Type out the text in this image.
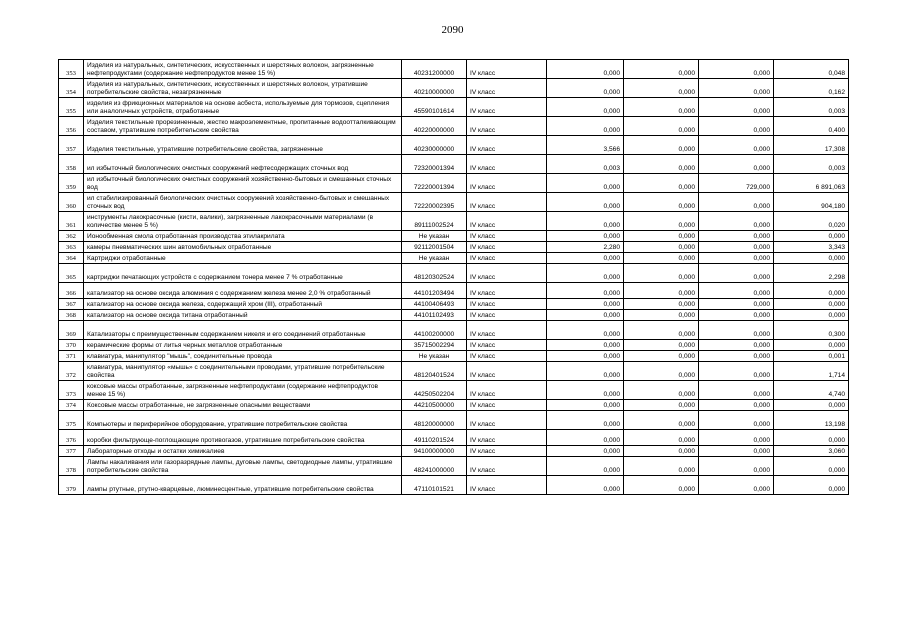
2090
353	Изделия из натуральных, синтетических, искусственных и шерстяных волокон, загрязненные нефтепродуктами (содержание нефтепродуктов менее 15 %)	40231200000	IV класс	0,000	0,000	0,000	0,048
354	Изделия из натуральных, синтетических, искусственных и шерстяных волокон, утратившие потребительские свойства, незагрязненные	40210000000	IV класс	0,000	0,000	0,000	0,162
355	изделия из фрикционных материалов на основе асбеста, используемые для тормозов, сцепления или аналогичных устройств, отработанные	45590101614	IV класс	0,000	0,000	0,000	0,003
356	Изделия текстильные прорезиненные, жестко макроэлементные, пропитанные водоотталкивающим составом, утратившие потребительские свойства	40220000000	IV класс	0,000	0,000	0,000	0,400
357	Изделия текстильные, утратившие потребительские свойства, загрязненные	40230000000	IV класс	3,566	0,000	0,000	17,308
358	ил избыточный биологических очистных сооружений нефтесодержащих сточных вод	72320001394	IV класс	0,003	0,000	0,000	0,003
359	ил избыточный биологических очистных сооружений хозяйственно-бытовых и смешанных сточных вод	72220001394	IV класс	0,000	0,000	729,000	6 891,063
360	ил стабилизированный биологических очистных сооружений хозяйственно-бытовых и смешанных сточных вод	72220002395	IV класс	0,000	0,000	0,000	904,180
361	инструменты лакокрасочные (кисти, валики), загрязненные лакокрасочными материалами (в количестве менее 5 %)	89111002524	IV класс	0,000	0,000	0,000	0,020
362	Ионообменная смола отработанная производства этилакрилата	Не указан	IV класс	0,000	0,000	0,000	0,000
363	камеры пневматических шин автомобильных отработанные	92112001504	IV класс	2,280	0,000	0,000	3,343
364	Картриджи отработанные	Не указан	IV класс	0,000	0,000	0,000	0,000
365	картриджи печатающих устройств с содержанием тонера менее 7 % отработанные	48120302524	IV класс	0,000	0,000	0,000	2,298
366	катализатор на основе оксида алюминия с содержанием железа менее 2,0 % отработанный	44101203494	IV класс	0,000	0,000	0,000	0,000
367	катализатор на основе оксида железа, содержащий хром (III), отработанный	44100406493	IV класс	0,000	0,000	0,000	0,000
368	катализатор на основе оксида титана отработанный	44101102493	IV класс	0,000	0,000	0,000	0,000
369	Катализаторы с преимущественным содержанием никеля и его соединений отработанные	44100200000	IV класс	0,000	0,000	0,000	0,300
370	керамические формы от литья черных металлов отработанные	35715002294	IV класс	0,000	0,000	0,000	0,000
371	клавиатура, манипулятор "мышь", соединительные провода	Не указан	IV класс	0,000	0,000	0,000	0,001
372	клавиатура, манипулятор «мышь» с соединительными проводами, утратившие потребительские свойства	48120401524	IV класс	0,000	0,000	0,000	1,714
373	коксовые массы отработанные, загрязненные нефтепродуктами (содержание нефтепродуктов менее 15 %)	44250502204	IV класс	0,000	0,000	0,000	4,740
374	Коксовые массы отработанные, не загрязненные опасными веществами	44210500000	IV класс	0,000	0,000	0,000	0,000
375	Компьютеры и периферийное оборудование, утратившие потребительские свойства	48120000000	IV класс	0,000	0,000	0,000	13,198
376	коробки фильтрующе-поглощающие противогазов, утратившие потребительские свойства	49110201524	IV класс	0,000	0,000	0,000	0,000
377	Лабораторные отходы и остатки химикалиев	94100000000	IV класс	0,000	0,000	0,000	3,060
378	Лампы накаливания или газоразрядные лампы, дуговые лампы, светодиодные лампы, утратившие потребительские свойства	48241000000	IV класс	0,000	0,000	0,000	0,000
379	лампы ртутные, ртутно-кварцевые, люминесцентные, утратившие потребительские свойства	47110101521	IV класс	0,000	0,000	0,000	0,000
